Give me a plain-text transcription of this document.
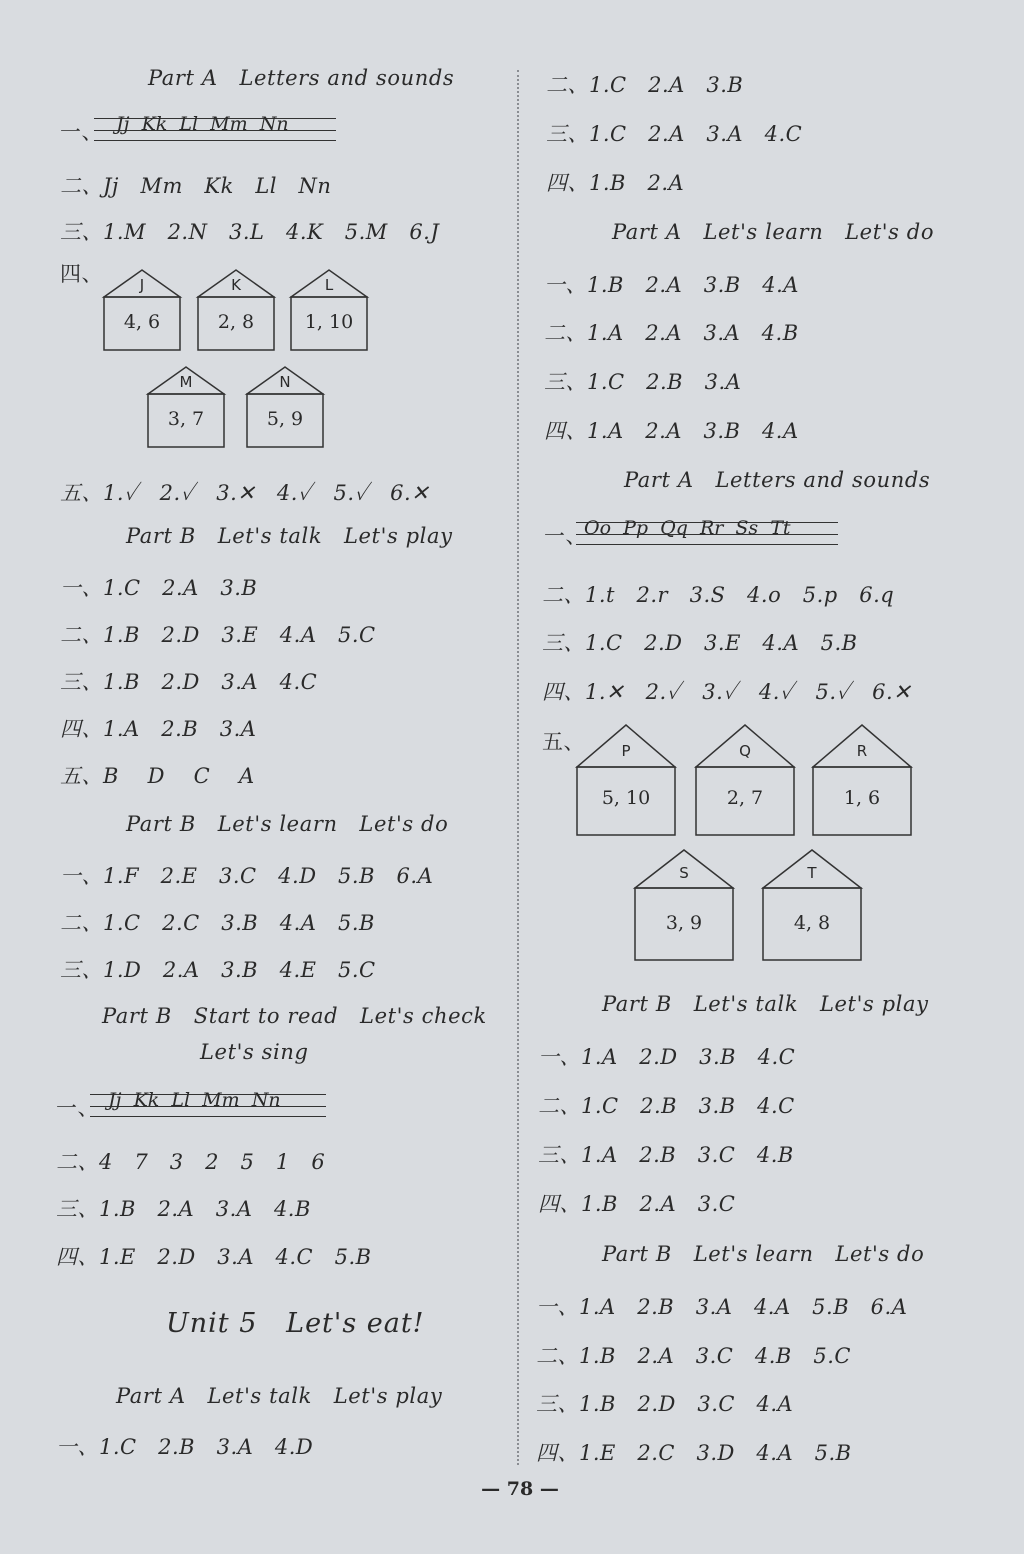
Part A   Letters and sounds
一、 Jj  Kk  Ll  Mm  Nn
二、Jj   Mm   Kk   Ll   Nn
三、1.M   2.N   3.L   4.K   5.M   6.J
四、	J
4, 6
K
2, 8
L
1, 10
M
3, 7
N
5, 9
五、1.✓   2.✓   3.✕   4.✓   5.✓   6.✕
Part B   Let's talk   Let's play
一、1.C   2.A   3.B
二、1.B   2.D   3.E   4.A   5.C
三、1.B   2.D   3.A   4.C
四、1.A   2.B   3.A
五、B    D    C    A
Part B   Let's learn   Let's do
一、1.F   2.E   3.C   4.D   5.B   6.A
二、1.C   2.C   3.B   4.A   5.B
三、1.D   2.A   3.B   4.E   5.C
Part B   Start to read   Let's check
Let's sing
一、 Jj  Kk  Ll  Mm  Nn
二、4   7   3   2   5   1   6
三、1.B   2.A   3.A   4.B
四、1.E   2.D   3.A   4.C   5.B
Unit 5   Let's eat!
Part A   Let's talk   Let's play
一、1.C   2.B   3.A   4.D
二、1.C   2.A   3.B
三、1.C   2.A   3.A   4.C
四、1.B   2.A
Part A   Let's learn   Let's do
一、1.B   2.A   3.B   4.A
二、1.A   2.A   3.A   4.B
三、1.C   2.B   3.A
四、1.A   2.A   3.B   4.A
Part A   Letters and sounds
一、
Oo  Pp  Qq  Rr  Ss  Tt
二、1.t   2.r   3.S   4.o   5.p   6.q
三、1.C   2.D   3.E   4.A   5.B
四、1.✕   2.✓   3.✓   4.✓   5.✓   6.✕
五、	P
5, 10
Q
2, 7
R
1, 6
S
3, 9
T
4, 8
Part B   Let's talk   Let's play
一、1.A   2.D   3.B   4.C
二、1.C   2.B   3.B   4.C
三、1.A   2.B   3.C   4.B
四、1.B   2.A   3.C
Part B   Let's learn   Let's do
一、1.A   2.B   3.A   4.A   5.B   6.A
二、1.B   2.A   3.C   4.B   5.C
三、1.B   2.D   3.C   4.A
四、1.E   2.C   3.D   4.A   5.B
— 78 —
